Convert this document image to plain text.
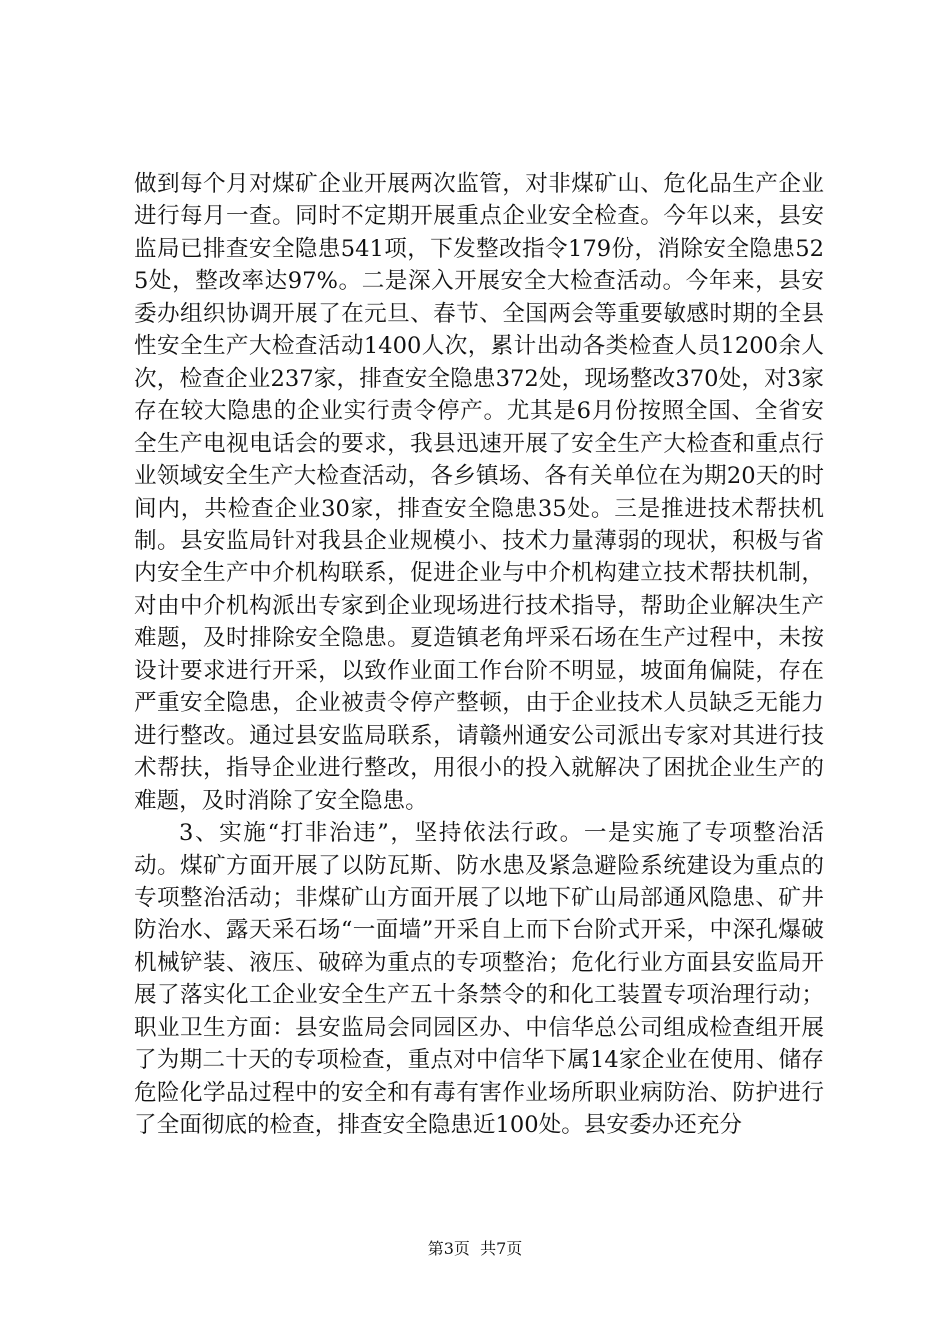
做到每个月对煤矿企业开展两次监管，对非煤矿山、危化品生产企业进行每月一查。同时不定期开展重点企业安全检查。今年以来，县安监局已排查安全隐患541项，下发整改指令179份，消除安全隐患525处，整改率达97%。二是深入开展安全大检查活动。今年来，县安委办组织协调开展了在元旦、春节、全国两会等重要敏感时期的全县性安全生产大检查活动1400人次，累计出动各类检查人员1200余人次，检查企业237家，排查安全隐患372处，现场整改370处，对3家存在较大隐患的企业实行责令停产。尤其是6月份按照全国、全省安全生产电视电话会的要求，我县迅速开展了安全生产大检查和重点行业领域安全生产大检查活动，各乡镇场、各有关单位在为期20天的时间内，共检查企业30家，排查安全隐患35处。三是推进技术帮扶机制。县安监局针对我县企业规模小、技术力量薄弱的现状，积极与省内安全生产中介机构联系，促进企业与中介机构建立技术帮扶机制，对由中介机构派出专家到企业现场进行技术指导，帮助企业解决生产难题，及时排除安全隐患。夏造镇老角坪采石场在生产过程中，未按设计要求进行开采，以致作业面工作台阶不明显，坡面角偏陡，存在严重安全隐患，企业被责令停产整顿，由于企业技术人员缺乏无能力进行整改。通过县安监局联系，请赣州通安公司派出专家对其进行技术帮扶，指导企业进行整改，用很小的投入就解决了困扰企业生产的难题，及时消除了安全隐患。

3、实施“打非治违”，坚持依法行政。一是实施了专项整治活动。煤矿方面开展了以防瓦斯、防水患及紧急避险系统建设为重点的专项整治活动；非煤矿山方面开展了以地下矿山局部通风隐患、矿井防治水、露天采石场“一面墙”开采自上而下台阶式开采，中深孔爆破机械铲装、液压、破碎为重点的专项整治；危化行业方面县安监局开展了落实化工企业安全生产五十条禁令的和化工装置专项治理行动；职业卫生方面：县安监局会同园区办、中信华总公司组成检查组开展了为期二十天的专项检查，重点对中信华下属14家企业在使用、储存危险化学品过程中的安全和有毒有害作业场所职业病防治、防护进行了全面彻底的检查，排查安全隐患近100处。县安委办还充分

第3页 共7页
